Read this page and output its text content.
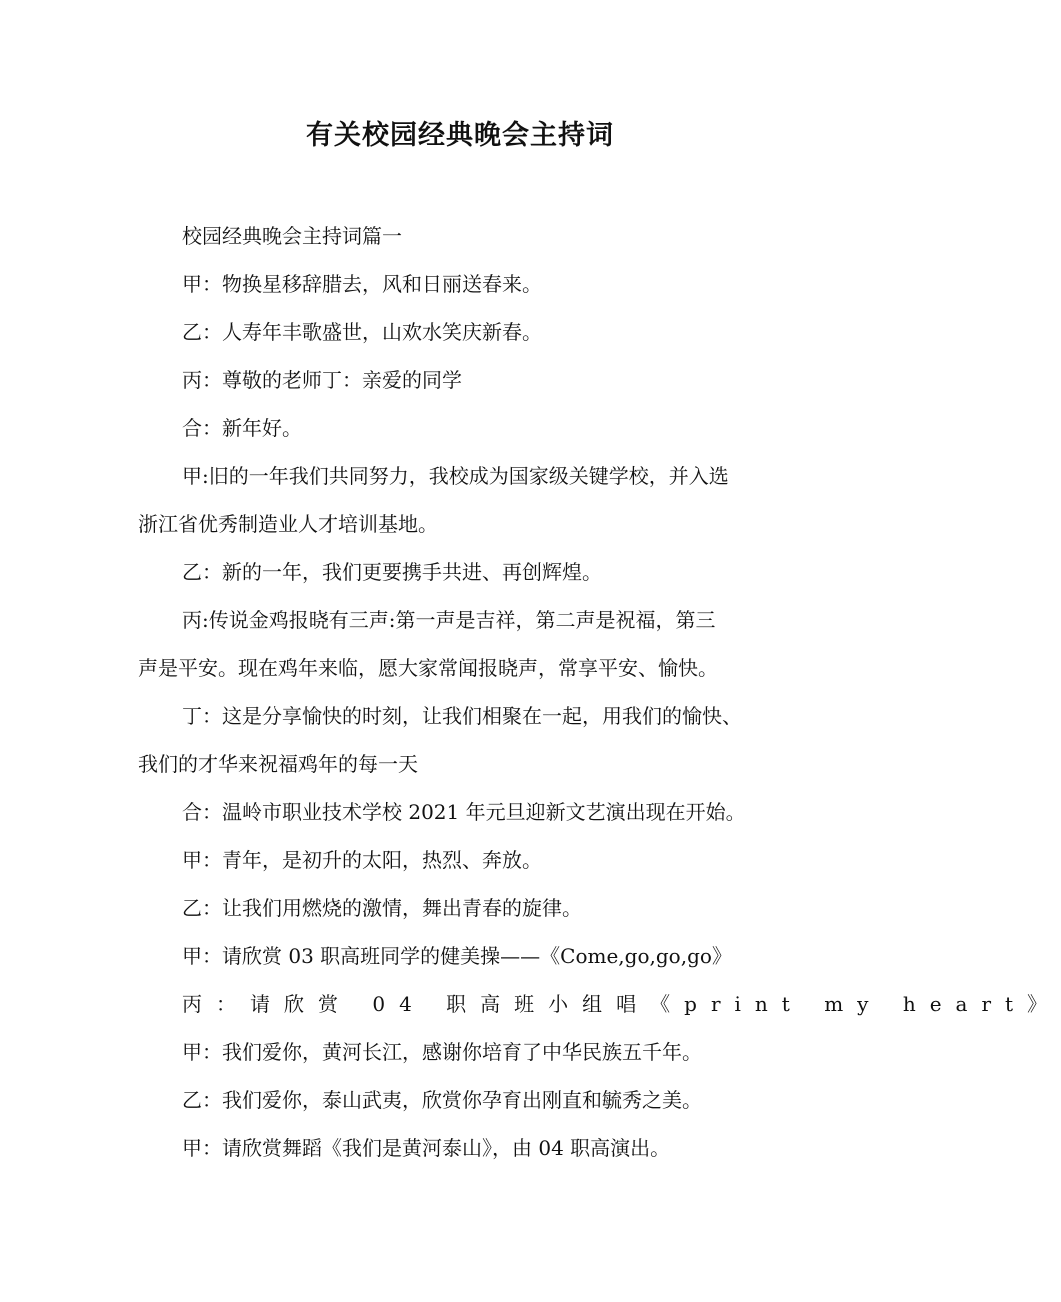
有关校园经典晚会主持词
校园经典晚会主持词篇一
甲：物换星移辞腊去，风和日丽送春来。
乙：人寿年丰歌盛世，山欢水笑庆新春。
丙：尊敬的老师丁：亲爱的同学
合：新年好。
甲:旧的一年我们共同努力，我校成为国家级关键学校，并入选
浙江省优秀制造业人才培训基地。
乙：新的一年，我们更要携手共进、再创辉煌。
丙:传说金鸡报晓有三声:第一声是吉祥，第二声是祝福，第三
声是平安。现在鸡年来临，愿大家常闻报晓声，常享平安、愉快。
丁：这是分享愉快的时刻，让我们相聚在一起，用我们的愉快、
我们的才华来祝福鸡年的每一天
合：温岭市职业技术学校 2021 年元旦迎新文艺演出现在开始。
甲：青年，是初升的太阳，热烈、奔放。
乙：让我们用燃烧的激情，舞出青春的旋律。
甲：请欣赏 03 职高班同学的健美操——《Come,go,go,go》
丙：请欣赏 04 职高班小组唱《print my heart》
甲：我们爱你，黄河长江，感谢你培育了中华民族五千年。
乙：我们爱你，泰山武夷，欣赏你孕育出刚直和毓秀之美。
甲：请欣赏舞蹈《我们是黄河泰山》，由 04 职高演出。
